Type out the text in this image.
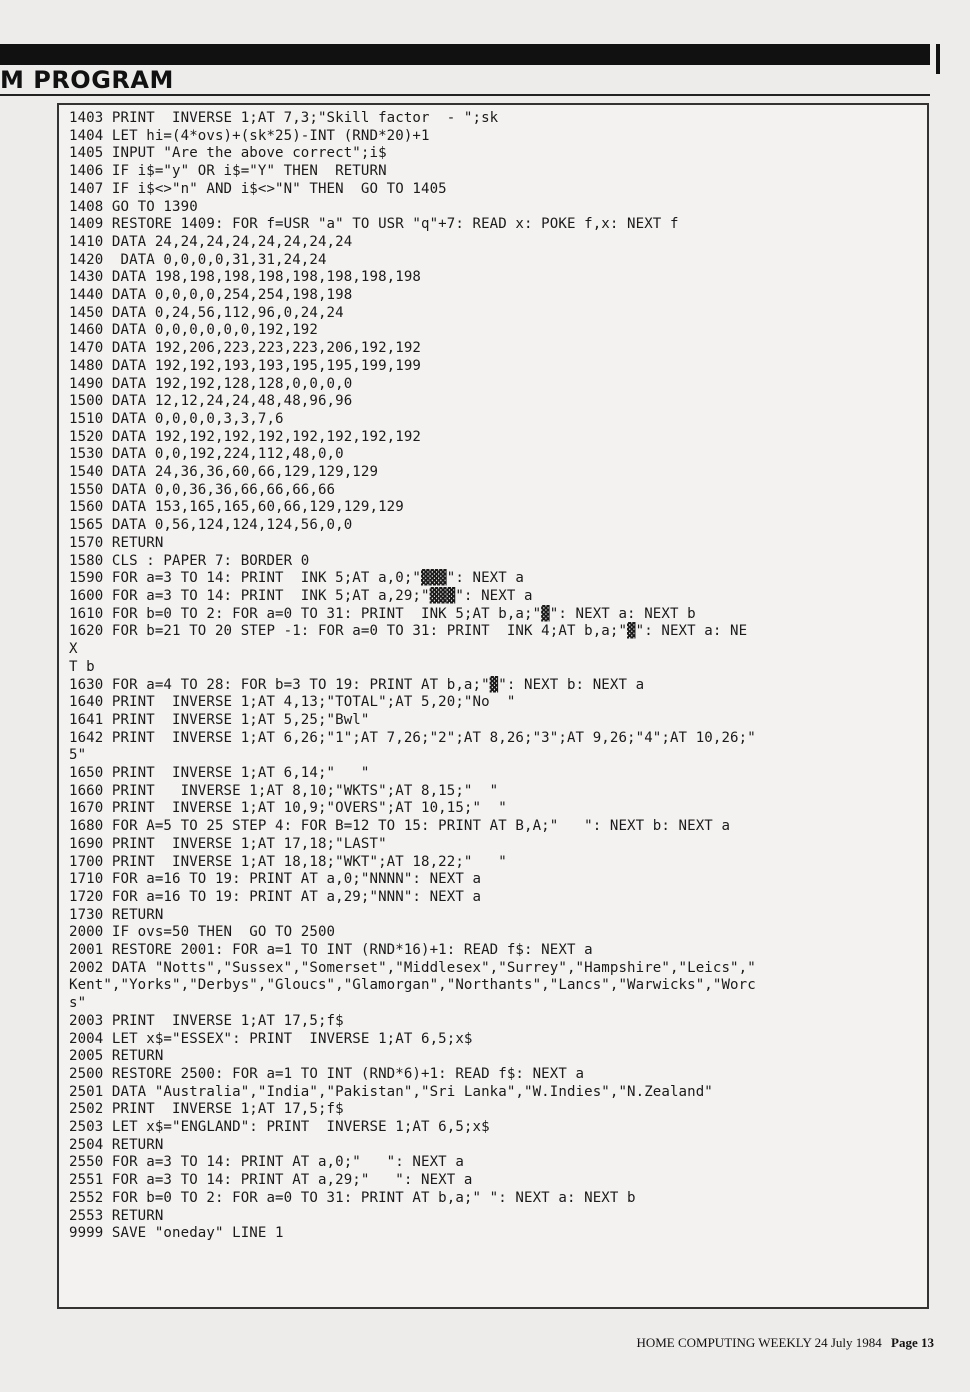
M PROGRAM
1403 PRINT  INVERSE 1;AT 7,3;"Skill factor  - ";sk
1404 LET hi=(4*ovs)+(sk*25)-INT (RND*20)+1
1405 INPUT "Are the above correct";i$
1406 IF i$="y" OR i$="Y" THEN  RETURN
1407 IF i$<>"n" AND i$<>"N" THEN  GO TO 1405
1408 GO TO 1390
1409 RESTORE 1409: FOR f=USR "a" TO USR "q"+7: READ x: POKE f,x: NEXT f
1410 DATA 24,24,24,24,24,24,24,24
1420  DATA 0,0,0,0,31,31,24,24
1430 DATA 198,198,198,198,198,198,198,198
1440 DATA 0,0,0,0,254,254,198,198
1450 DATA 0,24,56,112,96,0,24,24
1460 DATA 0,0,0,0,0,0,192,192
1470 DATA 192,206,223,223,223,206,192,192
1480 DATA 192,192,193,193,195,195,199,199
1490 DATA 192,192,128,128,0,0,0,0
1500 DATA 12,12,24,24,48,48,96,96
1510 DATA 0,0,0,0,3,3,7,6
1520 DATA 192,192,192,192,192,192,192,192
1530 DATA 0,0,192,224,112,48,0,0
1540 DATA 24,36,36,60,66,129,129,129
1550 DATA 0,0,36,36,66,66,66,66
1560 DATA 153,165,165,60,66,129,129,129
1565 DATA 0,56,124,124,124,56,0,0
1570 RETURN
1580 CLS : PAPER 7: BORDER 0
1590 FOR a=3 TO 14: PRINT  INK 5;AT a,0;"▓▓▓": NEXT a
1600 FOR a=3 TO 14: PRINT  INK 5;AT a,29;"▓▓▓": NEXT a
1610 FOR b=0 TO 2: FOR a=0 TO 31: PRINT  INK 5;AT b,a;"▓": NEXT a: NEXT b
1620 FOR b=21 TO 20 STEP -1: FOR a=0 TO 31: PRINT  INK 4;AT b,a;"▓": NEXT a: NE
X
T b
1630 FOR a=4 TO 28: FOR b=3 TO 19: PRINT AT b,a;"▓": NEXT b: NEXT a
1640 PRINT  INVERSE 1;AT 4,13;"TOTAL";AT 5,20;"No  "
1641 PRINT  INVERSE 1;AT 5,25;"Bwl"
1642 PRINT  INVERSE 1;AT 6,26;"1";AT 7,26;"2";AT 8,26;"3";AT 9,26;"4";AT 10,26;"
5"
1650 PRINT  INVERSE 1;AT 6,14;"   "
1660 PRINT   INVERSE 1;AT 8,10;"WKTS";AT 8,15;"  "
1670 PRINT  INVERSE 1;AT 10,9;"OVERS";AT 10,15;"  "
1680 FOR A=5 TO 25 STEP 4: FOR B=12 TO 15: PRINT AT B,A;"   ": NEXT b: NEXT a
1690 PRINT  INVERSE 1;AT 17,18;"LAST"
1700 PRINT  INVERSE 1;AT 18,18;"WKT";AT 18,22;"   "
1710 FOR a=16 TO 19: PRINT AT a,0;"NNNN": NEXT a
1720 FOR a=16 TO 19: PRINT AT a,29;"NNN": NEXT a
1730 RETURN
2000 IF ovs=50 THEN  GO TO 2500
2001 RESTORE 2001: FOR a=1 TO INT (RND*16)+1: READ f$: NEXT a
2002 DATA "Notts","Sussex","Somerset","Middlesex","Surrey","Hampshire","Leics","
Kent","Yorks","Derbys","Gloucs","Glamorgan","Northants","Lancs","Warwicks","Worc
s"
2003 PRINT  INVERSE 1;AT 17,5;f$
2004 LET x$="ESSEX": PRINT  INVERSE 1;AT 6,5;x$
2005 RETURN
2500 RESTORE 2500: FOR a=1 TO INT (RND*6)+1: READ f$: NEXT a
2501 DATA "Australia","India","Pakistan","Sri Lanka","W.Indies","N.Zealand"
2502 PRINT  INVERSE 1;AT 17,5;f$
2503 LET x$="ENGLAND": PRINT  INVERSE 1;AT 6,5;x$
2504 RETURN
2550 FOR a=3 TO 14: PRINT AT a,0;"   ": NEXT a
2551 FOR a=3 TO 14: PRINT AT a,29;"   ": NEXT a
2552 FOR b=0 TO 2: FOR a=0 TO 31: PRINT AT b,a;" ": NEXT a: NEXT b
2553 RETURN
9999 SAVE "oneday" LINE 1
HOME COMPUTING WEEKLY 24 July 1984 Page 13
